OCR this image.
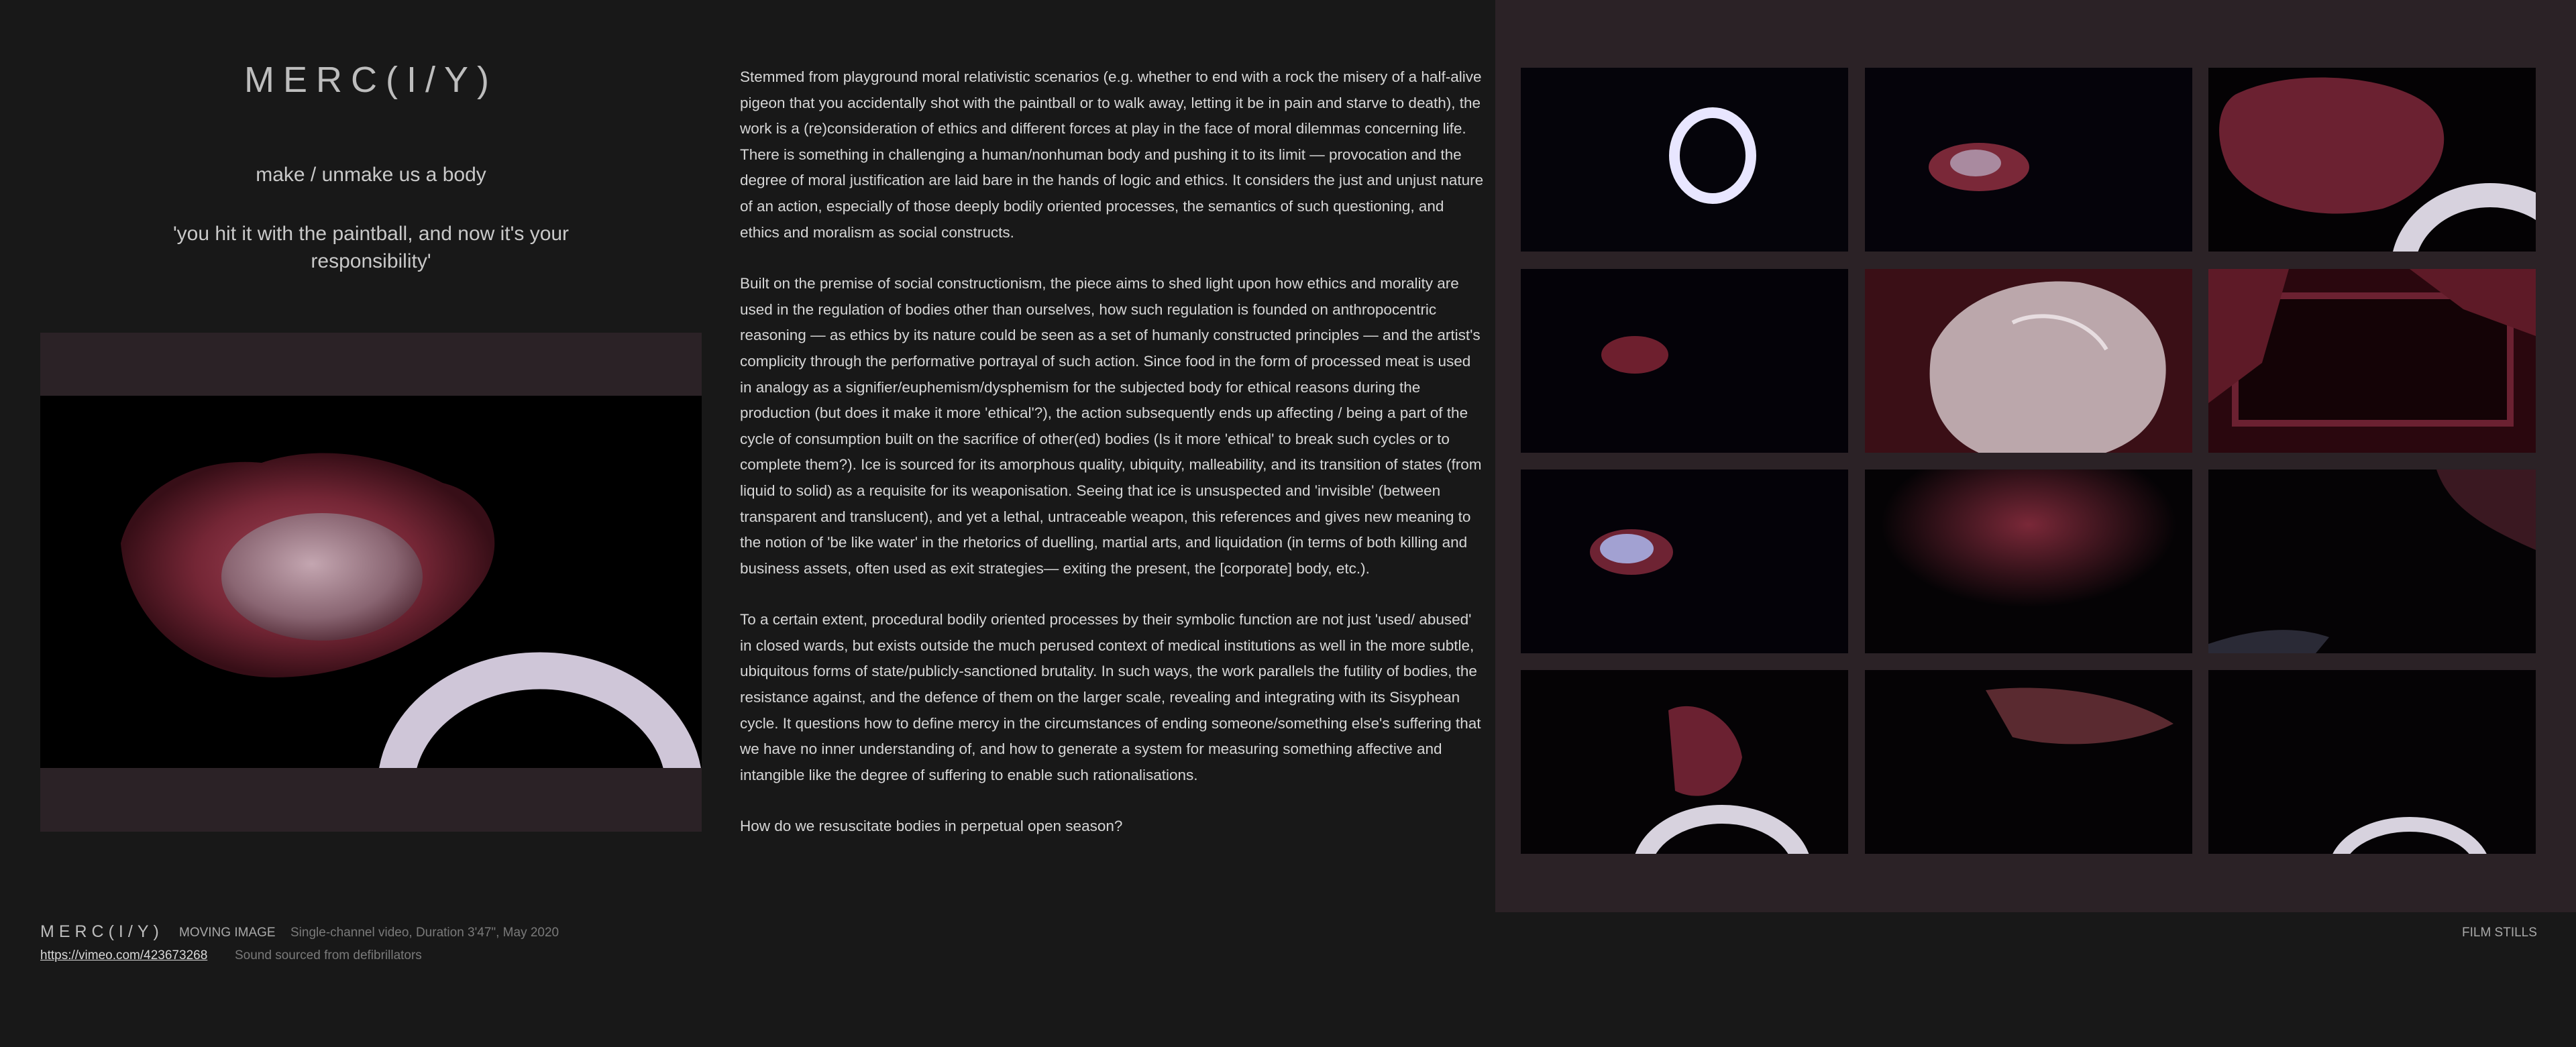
MERC(I/Y)
make / unmake us a body
'you hit it with the paintball, and now it's your responsibility'

Stemmed from playground moral relativistic scenarios (e.g. whether to end with a rock the misery of a half-alive pigeon that you accidentally shot with the paintball or to walk away, letting it be in pain and starve to death), the work is a (re)consideration of ethics and different forces at play in the face of moral dilemmas concerning life. There is something in challenging a human/nonhuman body and pushing it to its limit — provocation and the degree of moral justification are laid bare in the hands of logic and ethics. It considers the just and unjust nature of an action, especially of those deeply bodily oriented processes, the semantics of such questioning, and ethics and moralism as social constructs.

Built on the premise of social constructionism, the piece aims to shed light upon how ethics and morality are used in the regulation of bodies other than ourselves, how such regulation is founded on anthropocentric reasoning — as ethics by its nature could be seen as a set of humanly constructed principles — and the artist's complicity through the performative portrayal of such action. Since food in the form of processed meat is used in analogy as a signifier/euphemism/dysphemism for the subjected body for ethical reasons during the production (but does it make it more 'ethical'?), the action subsequently ends up affecting / being a part of the cycle of consumption built on the sacrifice of other(ed) bodies (Is it more 'ethical' to break such cycles or to complete them?). Ice is sourced for its amorphous quality, ubiquity, malleability, and its transition of states (from liquid to solid) as a requisite for its weaponisation. Seeing that ice is unsuspected and 'invisible' (between transparent and translucent), and yet a lethal, untraceable weapon, this references and gives new meaning to the notion of 'be like water' in the rhetorics of duelling, martial arts, and liquidation (in terms of both killing and business assets, often used as exit strategies— exiting the present, the [corporate] body, etc.).

To a certain extent, procedural bodily oriented processes by their symbolic function are not just 'used/ abused' in closed wards, but exists outside the much perused context of medical institutions as well in the more subtle, ubiquitous forms of state/publicly-sanctioned brutality. In such ways, the work parallels the futility of bodies, the resistance against, and the defence of them on the larger scale, revealing and integrating with its Sisyphean cycle. It questions how to define mercy in the circumstances of ending someone/something else's suffering that we have no inner understanding of, and how to generate a system for measuring something affective and intangible like the degree of suffering to enable such rationalisations.

How do we resuscitate bodies in perpetual open season?

MERC(I/Y) MOVING IMAGE Single-channel video, Duration 3'47", May 2020
https://vimeo.com/423673268 Sound sourced from defibrillators
FILM STILLS
